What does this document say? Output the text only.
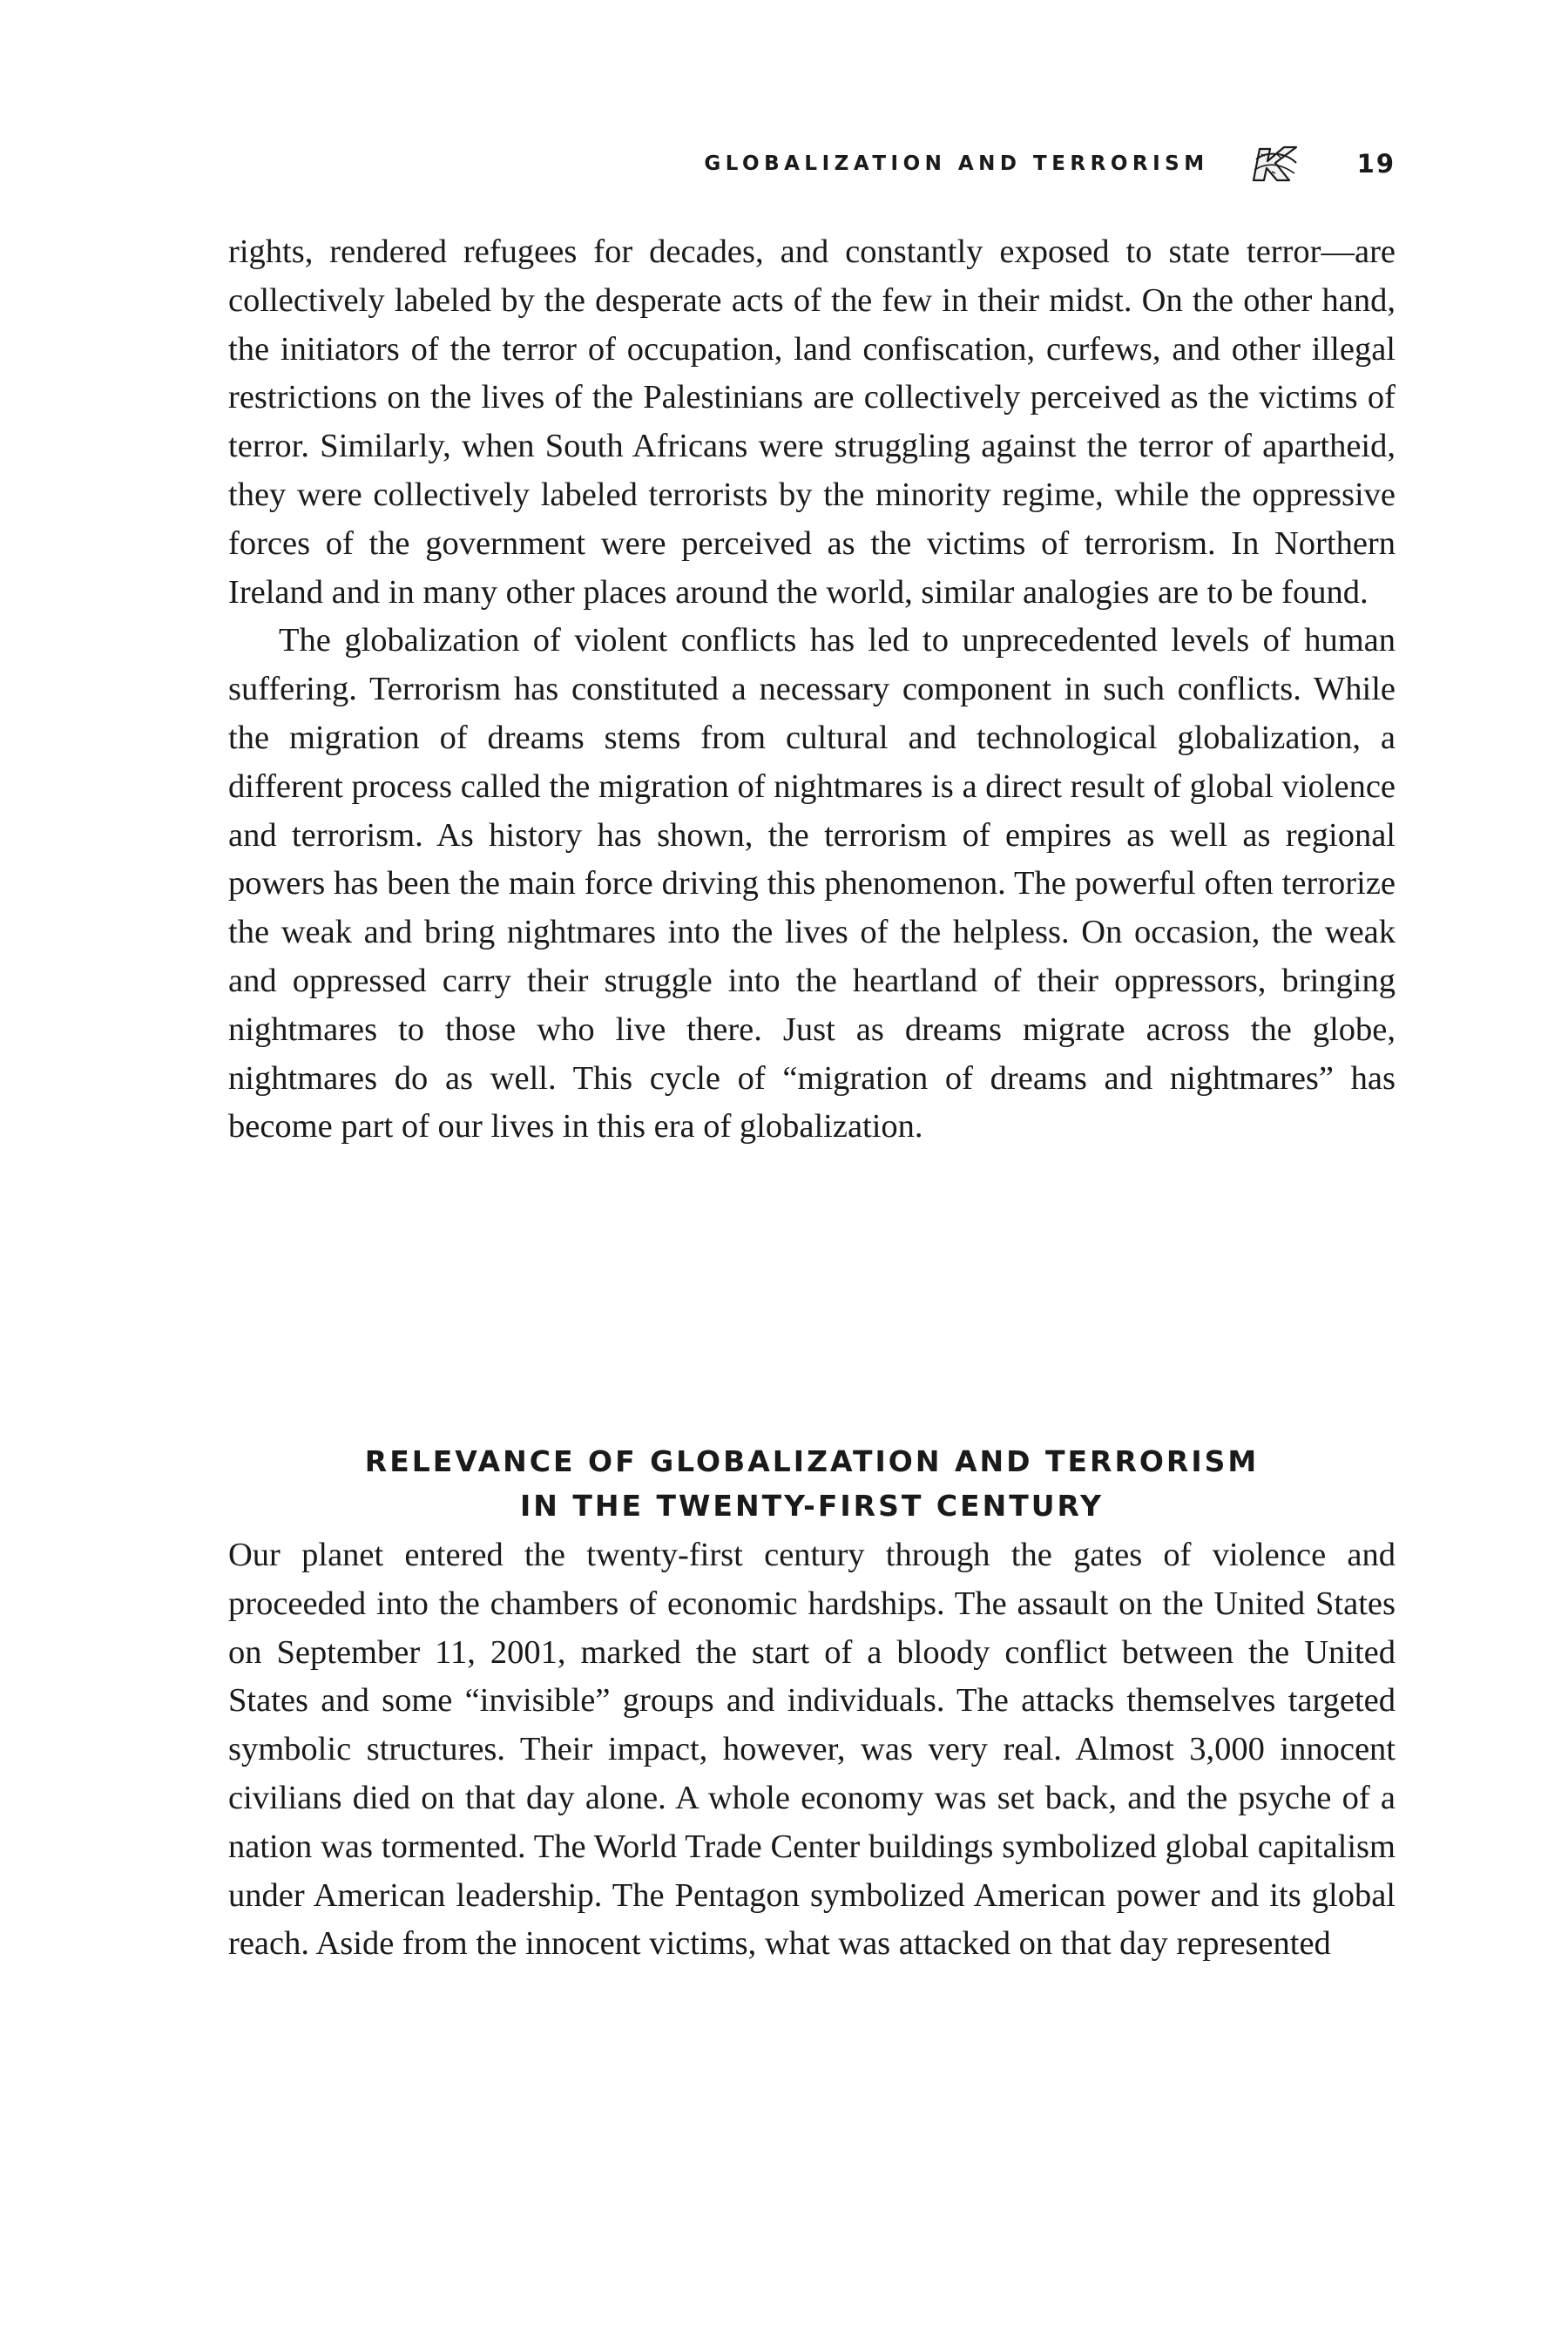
GLOBALIZATION AND TERRORISM	19

rights, rendered refugees for decades, and constantly exposed to state terror—are collectively labeled by the desperate acts of the few in their midst. On the other hand, the initiators of the terror of occupation, land confiscation, curfews, and other illegal restrictions on the lives of the Palestinians are collectively perceived as the victims of terror. Similarly, when South Africans were struggling against the terror of apartheid, they were collectively labeled terrorists by the minority regime, while the oppressive forces of the government were perceived as the victims of terrorism. In Northern Ireland and in many other places around the world, similar analogies are to be found.

The globalization of violent conflicts has led to unprecedented levels of human suffering. Terrorism has constituted a necessary component in such conflicts. While the migration of dreams stems from cultural and technological globalization, a different process called the migration of nightmares is a direct result of global violence and terrorism. As history has shown, the terrorism of empires as well as regional powers has been the main force driving this phenomenon. The powerful often terrorize the weak and bring nightmares into the lives of the helpless. On occasion, the weak and oppressed carry their struggle into the heartland of their oppressors, bringing nightmares to those who live there. Just as dreams migrate across the globe, nightmares do as well. This cycle of “migration of dreams and nightmares” has become part of our lives in this era of globalization.

RELEVANCE OF GLOBALIZATION AND TERRORISM
IN THE TWENTY-FIRST CENTURY

Our planet entered the twenty-first century through the gates of violence and proceeded into the chambers of economic hardships. The assault on the United States on September 11, 2001, marked the start of a bloody conflict between the United States and some “invisible” groups and individuals. The attacks themselves targeted symbolic structures. Their impact, however, was very real. Almost 3,000 innocent civilians died on that day alone. A whole economy was set back, and the psyche of a nation was tormented. The World Trade Center buildings symbolized global capitalism under American leadership. The Pentagon symbolized American power and its global reach. Aside from the innocent victims, what was attacked on that day represented
